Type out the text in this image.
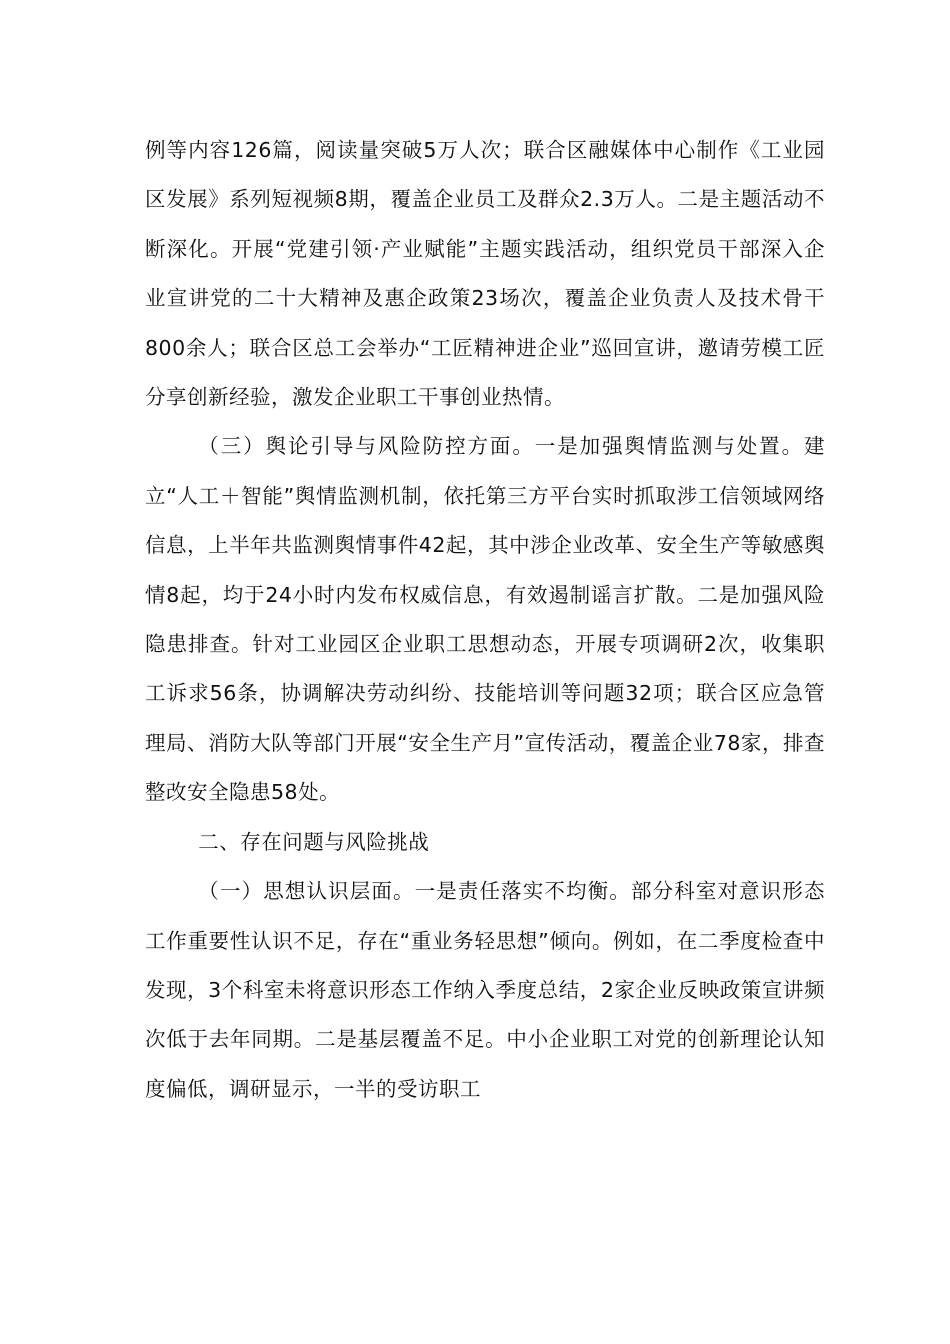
例等内容126篇，阅读量突破5万人次；联合区融媒体中心制作《工业园区发展》系列短视频8期，覆盖企业员工及群众2.3万人。二是主题活动不断深化。开展“党建引领·产业赋能”主题实践活动，组织党员干部深入企业宣讲党的二十大精神及惠企政策23场次，覆盖企业负责人及技术骨干800余人；联合区总工会举办“工匠精神进企业”巡回宣讲，邀请劳模工匠分享创新经验，激发企业职工干事创业热情。

（三）舆论引导与风险防控方面。一是加强舆情监测与处置。建立“人工＋智能”舆情监测机制，依托第三方平台实时抓取涉工信领域网络信息，上半年共监测舆情事件42起，其中涉企业改革、安全生产等敏感舆情8起，均于24小时内发布权威信息，有效遏制谣言扩散。二是加强风险隐患排查。针对工业园区企业职工思想动态，开展专项调研2次，收集职工诉求56条，协调解决劳动纠纷、技能培训等问题32项；联合区应急管理局、消防大队等部门开展“安全生产月”宣传活动，覆盖企业78家，排查整改安全隐患58处。

二、存在问题与风险挑战

（一）思想认识层面。一是责任落实不均衡。部分科室对意识形态工作重要性认识不足，存在“重业务轻思想”倾向。例如，在二季度检查中发现，3个科室未将意识形态工作纳入季度总结，2家企业反映政策宣讲频次低于去年同期。二是基层覆盖不足。中小企业职工对党的创新理论认知度偏低，调研显示，一半的受访职工
